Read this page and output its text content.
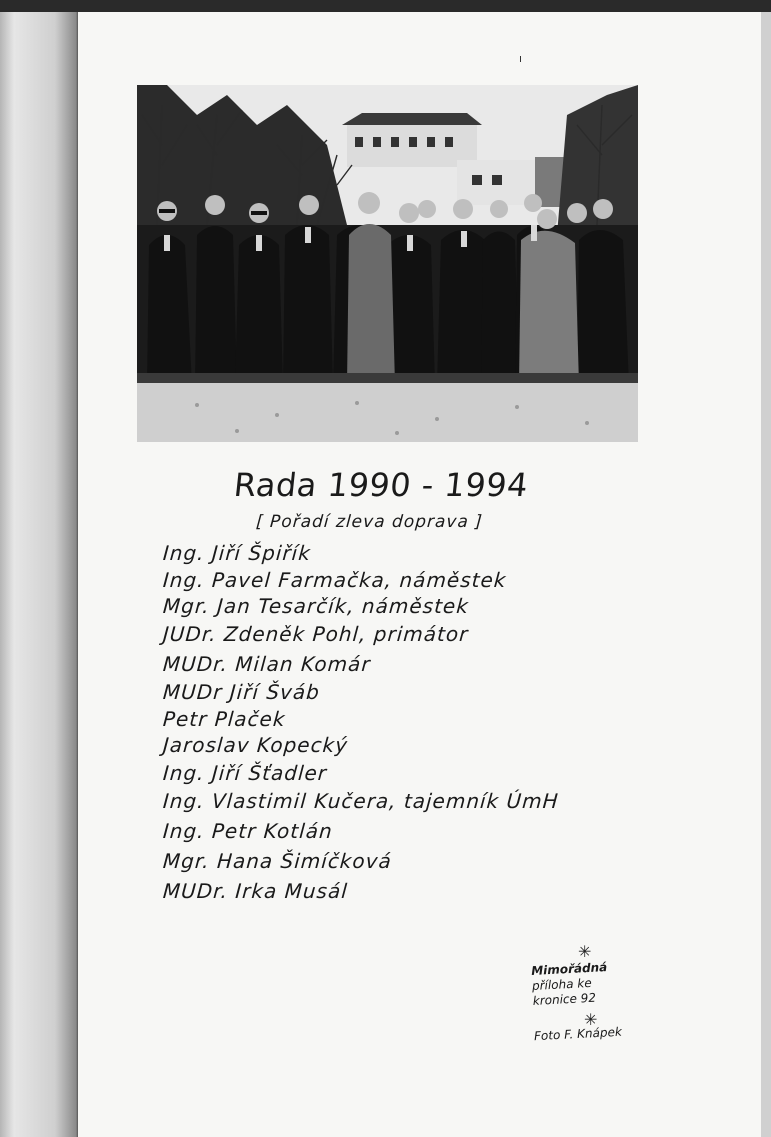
Rada 1990 - 1994
[ Pořadí zleva doprava ]
Ing. Jiří Špiřík
Ing. Pavel Farmačka, náměstek
Mgr. Jan Tesarčík, náměstek
JUDr. Zdeněk Pohl, primátor
MUDr. Milan Komár
MUDr Jiří Šváb
Petr Plaček
Jaroslav Kopecký
Ing. Jiří Šťadler
Ing. Vlastimil Kučera, tajemník ÚmH
Ing. Petr Kotlán
Mgr. Hana Šimíčková
MUDr. Irka Musál
✳
Mimořádná
příloha ke
kronice 92
✳
Foto F. Knápek
